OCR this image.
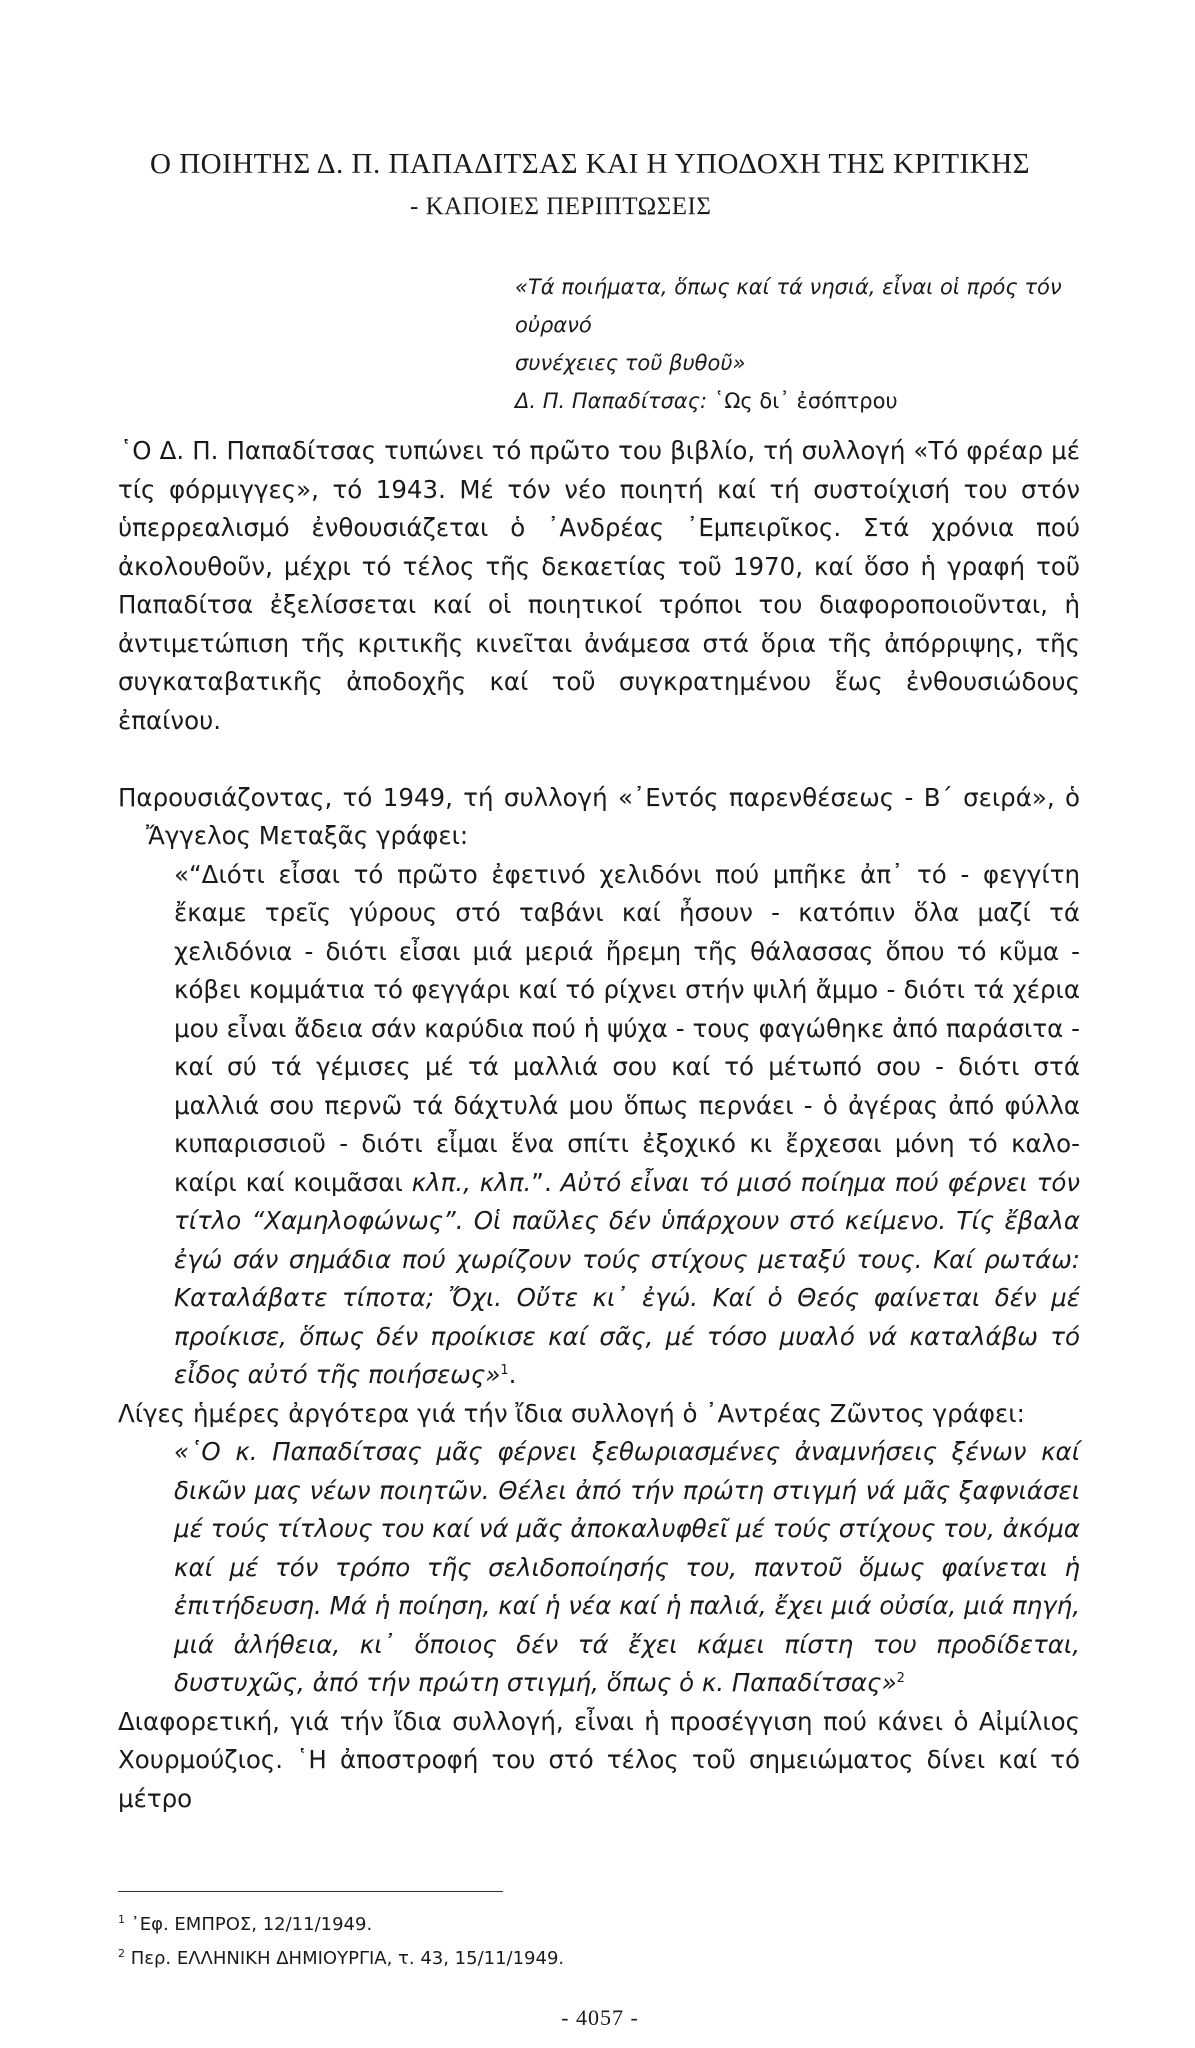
Ο ΠΟΙΗΤΗΣ Δ. Π. ΠΑΠΑΔΙΤΣΑΣ ΚΑΙ Η ΥΠΟΔΟΧΗ ΤΗΣ ΚΡΙΤΙΚΗΣ
- ΚΑΠΟΙΕΣ ΠΕΡΙΠΤΩΣΕΙΣ
«Τά ποιήματα, ὅπως καί τά νησιά, εἶναι οἱ πρός τόν οὐρανό
συνέχειες τοῦ βυθοῦ»
Δ. Π. Παπαδίτσας: ῾Ως δι᾿ ἐσόπτρου

῾Ο Δ. Π. Παπαδίτσας τυπώνει τό πρῶτο του βιβλίο, τή συλλογή «Τό φρέαρ μέ τίς φόρμιγγες», τό 1943. Μέ τόν νέο ποιητή καί τή συστοίχισή του στόν ὑπερρεαλισμό ἐνθουσιάζεται ὁ ᾿Ανδρέας ᾿Εμπειρῖκος. Στά χρόνια πού ἀκολουθοῦν, μέχρι τό τέλος τῆς δεκαετίας τοῦ 1970, καί ὅσο ἡ γραφή τοῦ Παπαδίτσα ἐξελίσσεται καί οἱ ποιητικοί τρόποι του διαφοροποιοῦνται, ἡ ἀντιμετώπιση τῆς κριτικῆς κινεῖται ἀνάμεσα στά ὅρια τῆς ἀπόρριψης, τῆς συγκαταβατικῆς ἀποδοχῆς καί τοῦ συγκρατημένου ἕως ἐνθουσιώδους ἐπαίνου.

Παρουσιάζοντας, τό 1949, τή συλλογή «᾿Εντός παρενθέσεως - Β΄ σειρά», ὁ Ἄγγελος Μεταξᾶς γράφει:

«“Διότι εἶσαι τό πρῶτο ἐφετινό χελιδόνι πού μπῆκε ἀπ᾿ τό - φεγγίτη ἔκαμε τρεῖς γύρους στό ταβάνι καί ἦσουν - κατόπιν ὅλα μαζί τά χελιδόνια - διότι εἶσαι μιά μεριά ἤρεμη τῆς θάλασσας ὅπου τό κῦμα - κόβει κομμάτια τό φεγγάρι καί τό ρίχνει στήν ψιλή ἄμμο - διότι τά χέρια μου εἶναι ἄδεια σάν καρύδια πού ἡ ψύχα - τους φαγώθηκε ἀπό παράσιτα - καί σύ τά γέμισες μέ τά μαλλιά σου καί τό μέτωπό σου - διότι στά μαλλιά σου περνῶ τά δάχτυλά μου ὅπως περνάει - ὁ ἀγέρας ἀπό φύλλα κυπαρισσιοῦ - διότι εἶμαι ἕνα σπίτι ἐξοχικό κι ἔρχεσαι μόνη τό καλο-καίρι καί κοιμᾶσαι κλπ., κλπ.”. Αὐτό εἶναι τό μισό ποίημα πού φέρνει τόν τίτλο “Χαμηλοφώνως”. Οἱ παῦλες δέν ὑπάρχουν στό κείμενο. Τίς ἔβαλα ἐγώ σάν σημάδια πού χωρίζουν τούς στίχους μεταξύ τους. Καί ρωτάω: Καταλάβατε τίποτα; Ὄχι. Οὔτε κι᾿ ἐγώ. Καί ὁ Θεός φαίνεται δέν μέ προίκισε, ὅπως δέν προίκισε καί σᾶς, μέ τόσο μυαλό νά καταλάβω τό εἶδος αὐτό τῆς ποιήσεως»$^1$.

Λίγες ἡμέρες ἀργότερα γιά τήν ἴδια συλλογή ὁ ᾿Αντρέας Ζῶντος γράφει:

«῾Ο κ. Παπαδίτσας μᾶς φέρνει ξεθωριασμένες ἀναμνήσεις ξένων καί δικῶν μας νέων ποιητῶν. Θέλει ἀπό τήν πρώτη στιγμή νά μᾶς ξαφνιάσει μέ τούς τίτλους του καί νά μᾶς ἀποκαλυφθεῖ μέ τούς στίχους του, ἀκόμα καί μέ τόν τρόπο τῆς σελιδοποίησής του, παντοῦ ὅμως φαίνεται ἡ ἐπιτήδευση. Μά ἡ ποίηση, καί ἡ νέα καί ἡ παλιά, ἔχει μιά οὐσία, μιά πηγή, μιά ἀλήθεια, κι᾿ ὅποιος δέν τά ἔχει κάμει πίστη του προδίδεται, δυστυχῶς, ἀπό τήν πρώτη στιγμή, ὅπως ὁ κ. Παπαδίτσας»$^2$

Διαφορετική, γιά τήν ἴδια συλλογή, εἶναι ἡ προσέγγιση πού κάνει ὁ Αἰμίλιος Χουρμούζιος. ῾Η ἀποστροφή του στό τέλος τοῦ σημειώματος δίνει καί τό μέτρο

$^1$ ᾿Εφ. ΕΜΠΡΟΣ, 12/11/1949.
$^2$ Περ. ΕΛΛΗΝΙΚΗ ΔΗΜΙΟΥΡΓΙΑ, τ. 43, 15/11/1949.
- 4057 -
